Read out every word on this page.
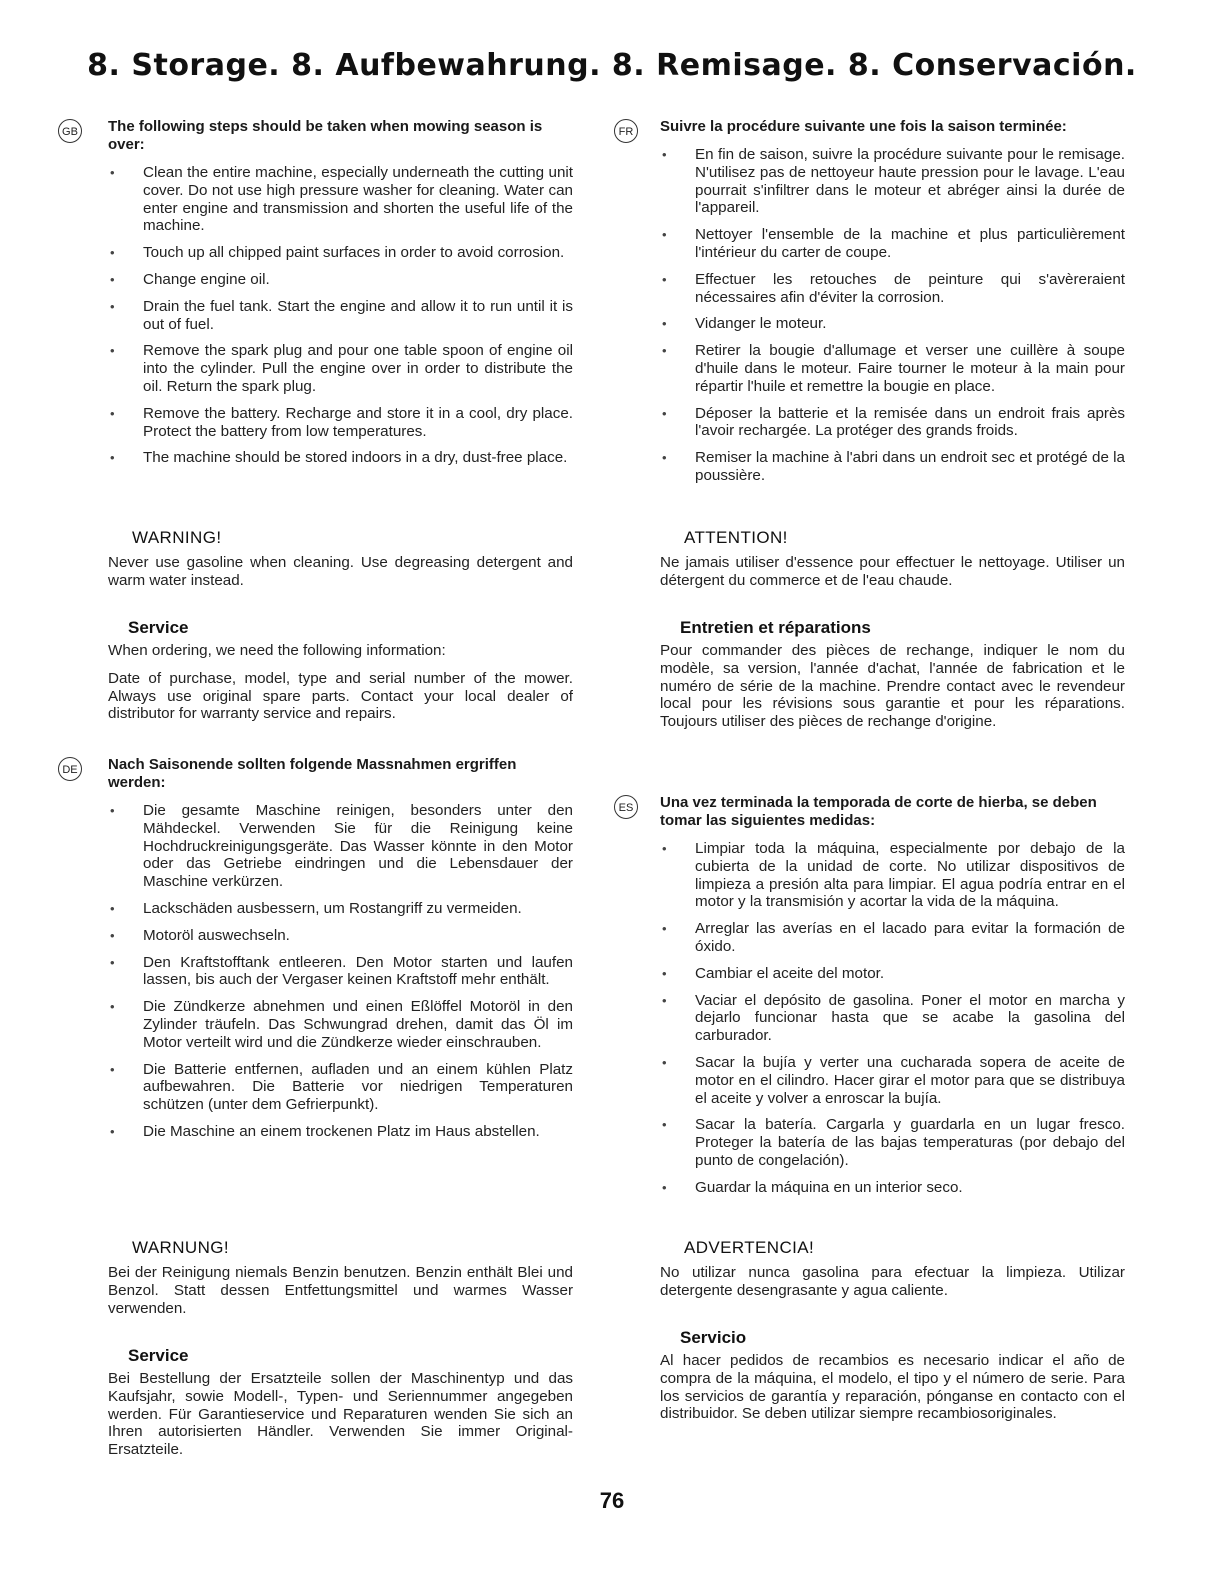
8. Storage. 8. Aufbewahrung. 8. Remisage. 8. Conservación.
GB The following steps should be taken when mowing season is over:

• Clean the entire machine, especially underneath the cutting unit cover. Do not use high pressure washer for cleaning. Water can enter engine and transmission and shorten the useful life of the machine.
• Touch up all chipped paint surfaces in order to avoid corrosion.
• Change engine oil.
• Drain the fuel tank. Start the engine and allow it to run until it is out of fuel.
• Remove the spark plug and pour one table spoon of engine oil into the cylinder. Pull the engine over in order to distribute the oil. Return the spark plug.
• Remove the battery. Recharge and store it in a cool, dry place. Protect the battery from low temperatures.
• The machine should be stored indoors in a dry, dust-free place.
WARNING!

Never use gasoline when cleaning. Use degreasing detergent and warm water instead.

Service

When ordering, we need the following information:

Date of purchase, model, type and serial number of the mower. Always use original spare parts. Contact your local dealer of distributor for warranty service and repairs.

DE Nach Saisonende sollten folgende Massnahmen ergriffen werden:

• Die gesamte Maschine reinigen, besonders unter den Mähdeckel. Verwenden Sie für die Reinigung keine Hochdruckreinigungsgeräte. Das Wasser könnte in den Motor oder das Getriebe eindringen und die Lebensdauer der Maschine verkürzen.
• Lackschäden ausbessern, um Rostangriff zu vermeiden.
• Motoröl auswechseln.
• Den Kraftstofftank entleeren. Den Motor starten und laufen lassen, bis auch der Vergaser keinen Kraftstoff mehr enthält.
• Die Zündkerze abnehmen und einen Eßlöffel Motoröl in den Zylinder träufeln. Das Schwungrad drehen, damit das Öl im Motor verteilt wird und die Zündkerze wieder einschrauben.
• Die Batterie entfernen, aufladen und an einem kühlen Platz aufbewahren. Die Batterie vor niedrigen Temperaturen schützen (unter dem Gefrierpunkt).
• Die Maschine an einem trockenen Platz im Haus abstellen.
WARNUNG!

Bei der Reinigung niemals Benzin benutzen. Benzin enthält Blei und Benzol. Statt dessen Entfettungsmittel und warmes Wasser verwenden.

Service

Bei Bestellung der Ersatzteile sollen der Maschinentyp und das Kaufsjahr, sowie Modell-, Typen- und Seriennummer angegeben werden. Für Garantieservice und Reparaturen wenden Sie sich an Ihren autorisierten Händler. Verwenden Sie immer Original-Ersatzteile.

FR	Suivre la procédure suivante une fois la saison terminée:

• En fin de saison, suivre la procédure suivante pour le remisage. N'utilisez pas de nettoyeur haute pression pour le lavage. L'eau pourrait s'infiltrer dans le moteur et abréger ainsi la durée de l'appareil.
• Nettoyer l'ensemble de la machine et plus particulièrement l'intérieur du carter de coupe.
• Effectuer les retouches de peinture qui s'avèreraient nécessaires afin d'éviter la corrosion.
• Vidanger le moteur.
• Retirer la bougie d'allumage et verser une cuillère à soupe d'huile dans le moteur. Faire tourner le moteur à la main pour répartir l'huile et remettre la bougie en place.
• Déposer la batterie et la remisée dans un endroit frais après l'avoir rechargée. La protéger des grands froids.
• Remiser la machine à l'abri dans un endroit sec et protégé de la poussière.
ATTENTION!

Ne jamais utiliser d'essence pour effectuer le nettoyage. Utiliser un détergent du commerce et de l'eau chaude.

Entretien et réparations

Pour commander des pièces de rechange, indiquer le nom du modèle, sa version, l'année d'achat, l'année de fabrication et le numéro de série de la machine. Prendre contact avec le revendeur local pour les révisions sous garantie et pour les réparations. Toujours utiliser des pièces de rechange d'origine.

ES	Una vez terminada la temporada de corte de hierba, se deben tomar las siguientes medidas:

• Limpiar toda la máquina, especialmente por debajo de la cubierta de la unidad de corte. No utilizar dispositivos de limpieza a presión alta para limpiar. El agua podría entrar en el motor y la transmisión y acortar la vida de la máquina.
• Arreglar las averías en el lacado para evitar la formación de óxido.
• Cambiar el aceite del motor.
• Vaciar el depósito de gasolina. Poner el motor en marcha y dejarlo funcionar hasta que se acabe la gasolina del carburador.
• Sacar la bujía y verter una cucharada sopera de aceite de motor en el cilindro. Hacer girar el motor para que se distribuya el aceite y volver a enroscar la bujía.
• Sacar la batería. Cargarla y guardarla en un lugar fresco. Proteger la batería de las bajas temperaturas (por debajo del punto de congelación).
• Guardar la máquina en un interior seco.
ADVERTENCIA!

No utilizar nunca gasolina para efectuar la limpieza. Utilizar detergente desengrasante y agua caliente.

Servicio

Al hacer pedidos de recambios es necesario indicar el año de compra de la máquina, el modelo, el tipo y el número de serie. Para los servicios de garantía y reparación, pónganse en contacto con el distribuidor. Se deben utilizar siempre recambiosoriginales.

76
